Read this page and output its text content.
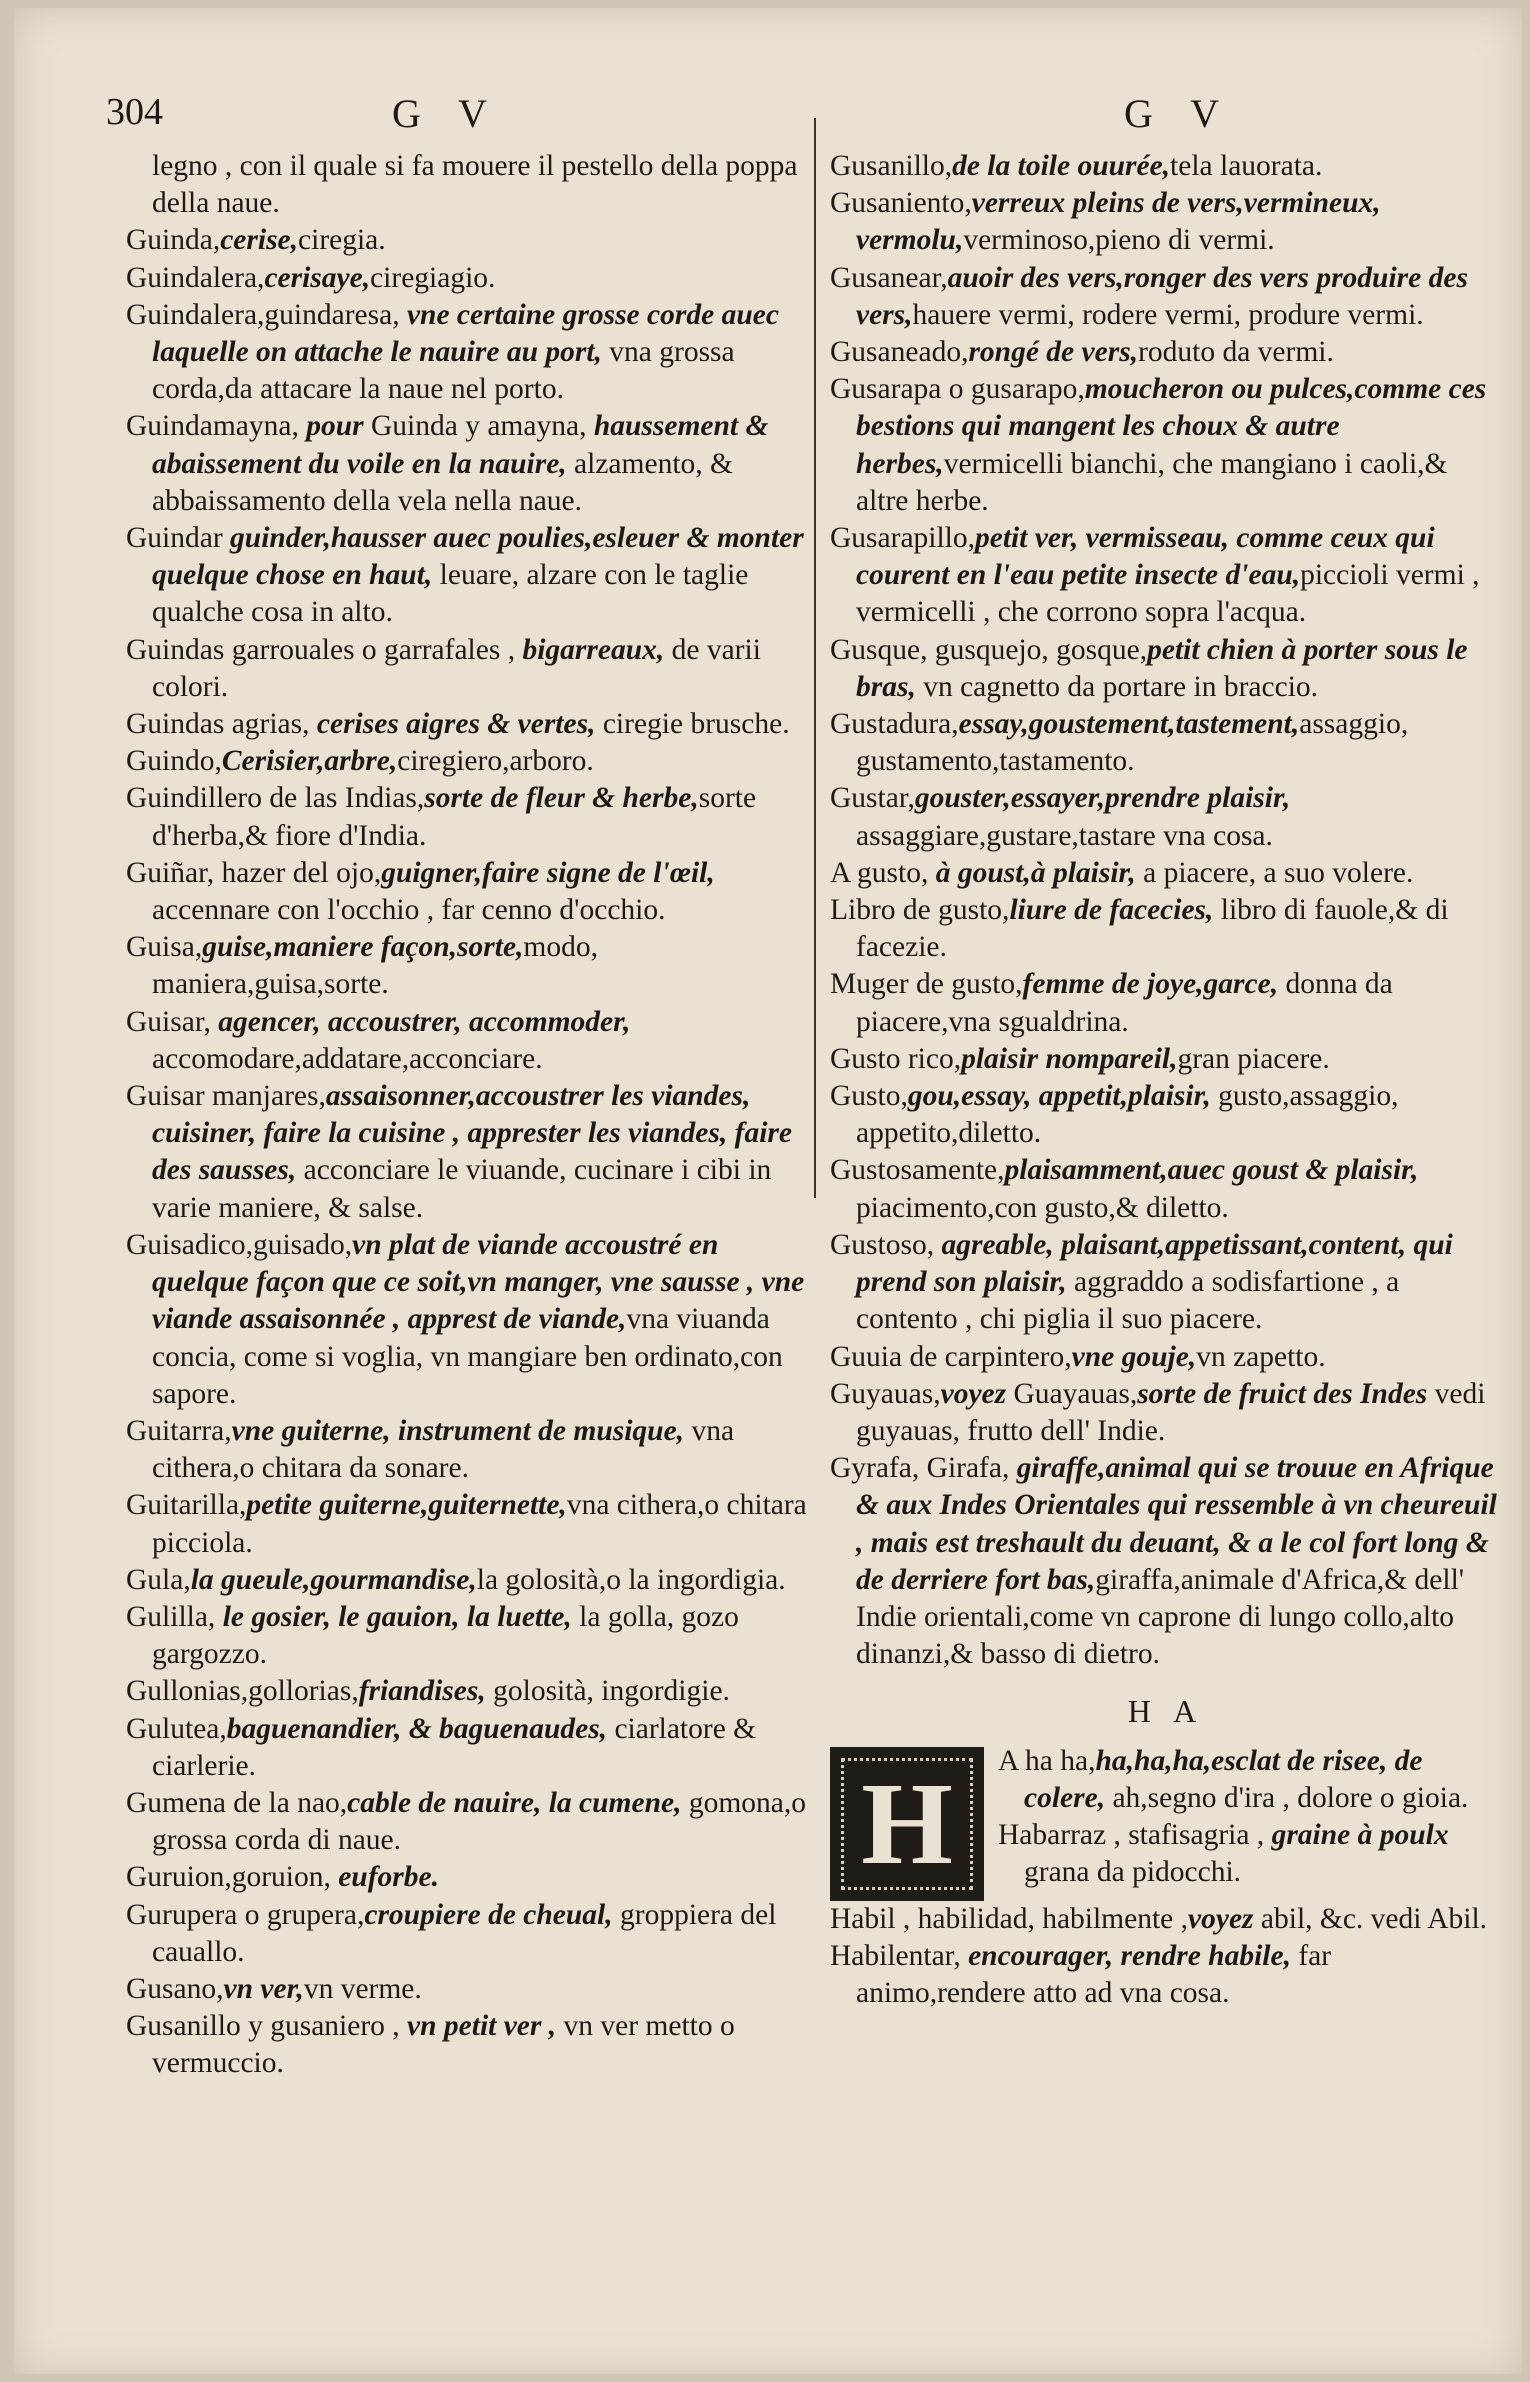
304	G V	G V

legno , con il quale si fa mouere il pestello della poppa della naue.

Guinda,cerise,ciregia.

Guindalera,cerisaye,ciregiagio.

Guindalera,guindaresa, vne certaine grosse corde auec laquelle on attache le nauire au port, vna grossa corda,da attacare la naue nel porto.

Guindamayna, pour Guinda y amayna, haussement & abaissement du voile en la nauire, alzamento, & abbaissamento della vela nella naue.

Guindar guinder,hausser auec poulies,esleuer & monter quelque chose en haut, leuare, alzare con le taglie qualche cosa in alto.

Guindas garrouales o garrafales , bigarreaux, de varii colori.

Guindas agrias, cerises aigres & vertes, ciregie brusche.

Guindo,Cerisier,arbre,ciregiero,arboro.

Guindillero de las Indias,sorte de fleur & herbe,sorte d'herba,& fiore d'India.

Guiñar, hazer del ojo,guigner,faire signe de l'œil, accennare con l'occhio , far cenno d'occhio.

Guisa,guise,maniere façon,sorte,modo, maniera,guisa,sorte.

Guisar, agencer, accoustrer, accommoder, accomodare,addatare,acconciare.

Guisar manjares,assaisonner,accoustrer les viandes, cuisiner, faire la cuisine , apprester les viandes, faire des sausses, acconciare le viuande, cucinare i cibi in varie maniere, & salse.

Guisadico,guisado,vn plat de viande accoustré en quelque façon que ce soit,vn manger, vne sausse , vne viande assaisonnée , apprest de viande,vna viuanda concia, come si voglia, vn mangiare ben ordinato,con sapore.

Guitarra,vne guiterne, instrument de musique, vna cithera,o chitara da sonare.

Guitarilla,petite guiterne,guiternette,vna cithera,o chitara picciola.

Gula,la gueule,gourmandise,la golosità,o la ingordigia.

Gulilla, le gosier, le gauion, la luette, la golla, gozo gargozzo.

Gullonias,gollorias,friandises, golosità, ingordigie.

Gulutea,baguenandier, & baguenaudes, ciarlatore & ciarlerie.

Gumena de la nao,cable de nauire, la cumene, gomona,o grossa corda di naue.

Guruion,goruion, euforbe.

Gurupera o grupera,croupiere de cheual, groppiera del cauallo.

Gusano,vn ver,vn verme.

Gusanillo y gusaniero , vn petit ver , vn ver metto o vermuccio.

Gusanillo,de la toile ouurée,tela lauorata.

Gusaniento,verreux pleins de vers,vermineux, vermolu,verminoso,pieno di vermi.

Gusanear,auoir des vers,ronger des vers produire des vers,hauere vermi, rodere vermi, produre vermi.

Gusaneado,rongé de vers,roduto da vermi.

Gusarapa o gusarapo,moucheron ou pulces,comme ces bestions qui mangent les choux & autre herbes,vermicelli bianchi, che mangiano i caoli,& altre herbe.

Gusarapillo,petit ver, vermisseau, comme ceux qui courent en l'eau petite insecte d'eau,piccioli vermi , vermicelli , che corrono sopra l'acqua.

Gusque, gusquejo, gosque,petit chien à porter sous le bras, vn cagnetto da portare in braccio.

Gustadura,essay,goustement,tastement,assaggio, gustamento,tastamento.

Gustar,gouster,essayer,prendre plaisir, assaggiare,gustare,tastare vna cosa.

A gusto, à goust,à plaisir, a piacere, a suo volere.

Libro de gusto,liure de facecies, libro di fauole,& di facezie.

Muger de gusto,femme de joye,garce, donna da piacere,vna sgualdrina.

Gusto rico,plaisir nompareil,gran piacere.

Gusto,gou,essay, appetit,plaisir, gusto,assaggio, appetito,diletto.

Gustosamente,plaisamment,auec goust & plaisir, piacimento,con gusto,& diletto.

Gustoso, agreable, plaisant,appetissant,content, qui prend son plaisir, aggraddo a sodisfartione , a contento , chi piglia il suo piacere.

Guuia de carpintero,vne gouje,vn zapetto.

Guyauas,voyez Guayauas,sorte de fruict des Indes vedi guyauas, frutto dell' Indie.

Gyrafa, Girafa, giraffe,animal qui se trouue en Afrique & aux Indes Orientales qui ressemble à vn cheureuil , mais est treshault du deuant, & a le col fort long & de derriere fort bas,giraffa,animale d'Africa,& dell' Indie orientali,come vn caprone di lungo collo,alto dinanzi,& basso di dietro.

H A
H	A ha ha,ha,ha,ha,esclat de risee, de colere, ah,segno d'ira , dolore o gioia.

Habarraz , stafisagria , graine à poulx grana da pidocchi.

Habil , habilidad, habilmente ,voyez abil, &c. vedi Abil.

Habilentar, encourager, rendre habile, far animo,rendere atto ad vna cosa.
